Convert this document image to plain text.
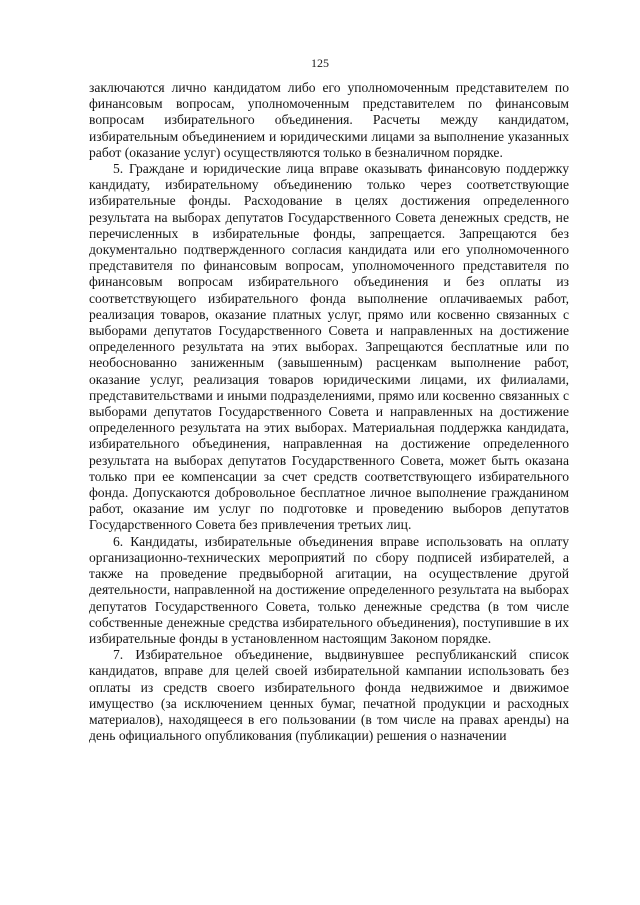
125

заключаются лично кандидатом либо его уполномоченным представителем по финансовым вопросам, уполномоченным представителем по финансовым вопросам избирательного объединения. Расчеты между кандидатом, избирательным объединением и юридическими лицами за выполнение указанных работ (оказание услуг) осуществляются только в безналичном порядке.

5. Граждане и юридические лица вправе оказывать финансовую поддержку кандидату, избирательному объединению только через соответствующие избирательные фонды. Расходование в целях достижения определенного результата на выборах депутатов Государственного Совета денежных средств, не перечисленных в избирательные фонды, запрещается. Запрещаются без документально подтвержденного согласия кандидата или его уполномоченного представителя по финансовым вопросам, уполномоченного представителя по финансовым вопросам избирательного объединения и без оплаты из соответствующего избирательного фонда выполнение оплачиваемых работ, реализация товаров, оказание платных услуг, прямо или косвенно связанных с выборами депутатов Государственного Совета и направленных на достижение определенного результата на этих выборах. Запрещаются бесплатные или по необоснованно заниженным (завышенным) расценкам выполнение работ, оказание услуг, реализация товаров юридическими лицами, их филиалами, представительствами и иными подразделениями, прямо или косвенно связанных с выборами депутатов Государственного Совета и направленных на достижение определенного результата на этих выборах. Материальная поддержка кандидата, избирательного объединения, направленная на достижение определенного результата на выборах депутатов Государственного Совета, может быть оказана только при ее компенсации за счет средств соответствующего избирательного фонда. Допускаются добровольное бесплатное личное выполнение гражданином работ, оказание им услуг по подготовке и проведению выборов депутатов Государственного Совета без привлечения третьих лиц.

6. Кандидаты, избирательные объединения вправе использовать на оплату организационно-технических мероприятий по сбору подписей избирателей, а также на проведение предвыборной агитации, на осуществление другой деятельности, направленной на достижение определенного результата на выборах депутатов Государственного Совета, только денежные средства (в том числе собственные денежные средства избирательного объединения), поступившие в их избирательные фонды в установленном настоящим Законом порядке.

7. Избирательное объединение, выдвинувшее республиканский список кандидатов, вправе для целей своей избирательной кампании использовать без оплаты из средств своего избирательного фонда недвижимое и движимое имущество (за исключением ценных бумаг, печатной продукции и расходных материалов), находящееся в его пользовании (в том числе на правах аренды) на день официального опубликования (публикации) решения о назначении
